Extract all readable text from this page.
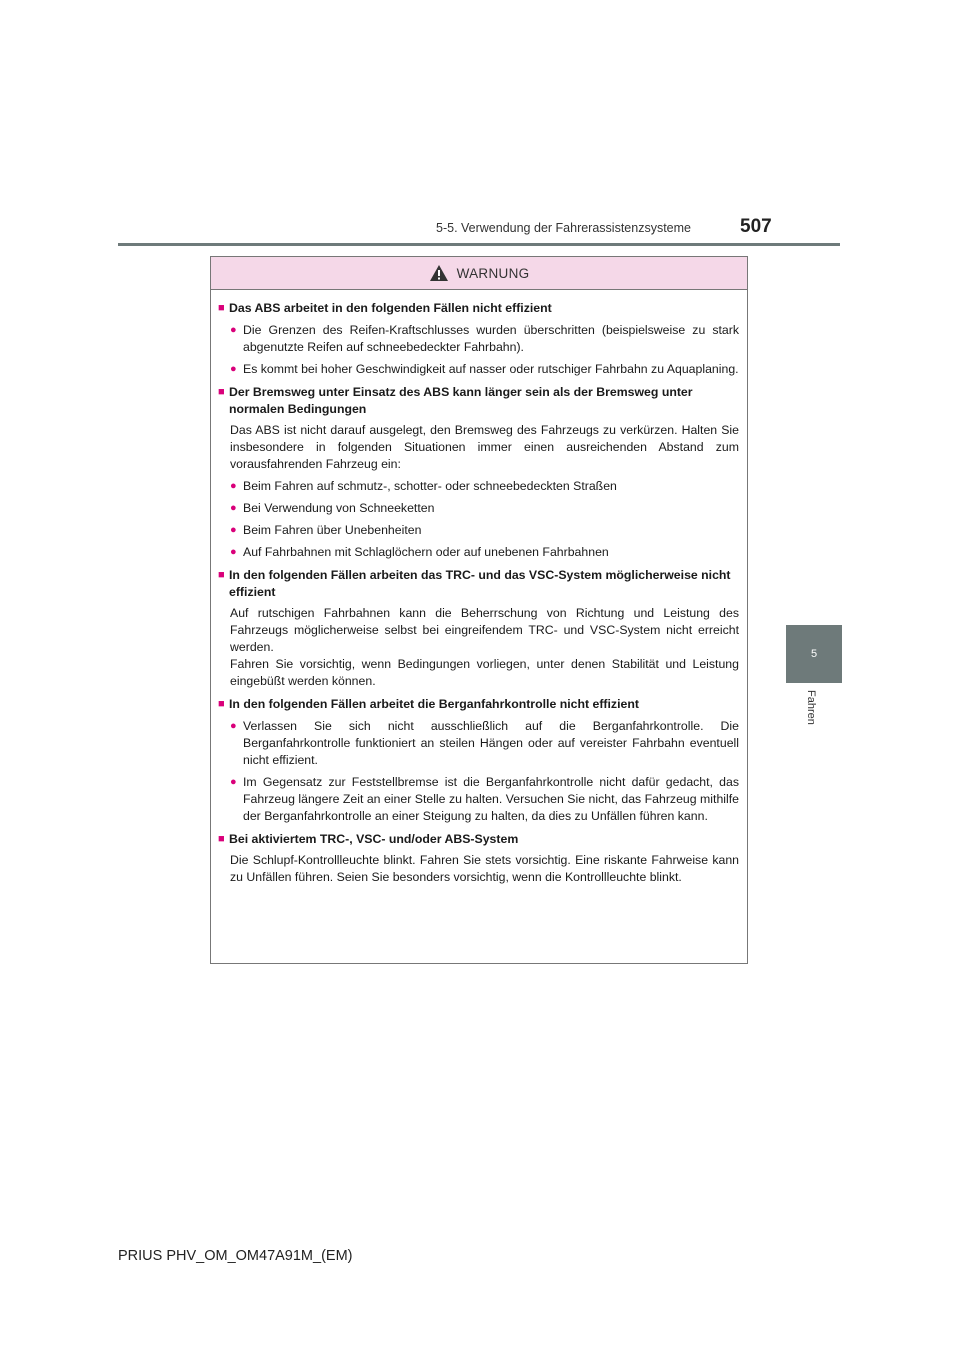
5-5. Verwendung der Fahrerassistenzsysteme	507
5
Fahren
WARNUNG
■ Das ABS arbeitet in den folgenden Fällen nicht effizient
● Die Grenzen des Reifen-Kraftschlusses wurden überschritten (beispielsweise zu stark abgenutzte Reifen auf schneebedeckter Fahrbahn).
● Es kommt bei hoher Geschwindigkeit auf nasser oder rutschiger Fahrbahn zu Aquaplaning.
■ Der Bremsweg unter Einsatz des ABS kann länger sein als der Bremsweg unter normalen Bedingungen
Das ABS ist nicht darauf ausgelegt, den Bremsweg des Fahrzeugs zu verkürzen. Halten Sie insbesondere in folgenden Situationen immer einen ausreichenden Abstand zum vorausfahrenden Fahrzeug ein:
● Beim Fahren auf schmutz-, schotter- oder schneebedeckten Straßen
● Bei Verwendung von Schneeketten
● Beim Fahren über Unebenheiten
● Auf Fahrbahnen mit Schlaglöchern oder auf unebenen Fahrbahnen
■ In den folgenden Fällen arbeiten das TRC- und das VSC-System möglicherweise nicht effizient
Auf rutschigen Fahrbahnen kann die Beherrschung von Richtung und Leistung des Fahrzeugs möglicherweise selbst bei eingreifendem TRC- und VSC-System nicht erreicht werden.
Fahren Sie vorsichtig, wenn Bedingungen vorliegen, unter denen Stabilität und Leistung eingebüßt werden können.
■ In den folgenden Fällen arbeitet die Berganfahrkontrolle nicht effizient
● Verlassen Sie sich nicht ausschließlich auf die Berganfahrkontrolle. Die Berganfahrkontrolle funktioniert an steilen Hängen oder auf vereister Fahrbahn eventuell nicht effizient.
● Im Gegensatz zur Feststellbremse ist die Berganfahrkontrolle nicht dafür gedacht, das Fahrzeug längere Zeit an einer Stelle zu halten. Versuchen Sie nicht, das Fahrzeug mithilfe der Berganfahrkontrolle an einer Steigung zu halten, da dies zu Unfällen führen kann.
■ Bei aktiviertem TRC-, VSC- und/oder ABS-System
Die Schlupf-Kontrollleuchte blinkt. Fahren Sie stets vorsichtig. Eine riskante Fahrweise kann zu Unfällen führen. Seien Sie besonders vorsichtig, wenn die Kontrollleuchte blinkt.
PRIUS PHV_OM_OM47A91M_(EM)
